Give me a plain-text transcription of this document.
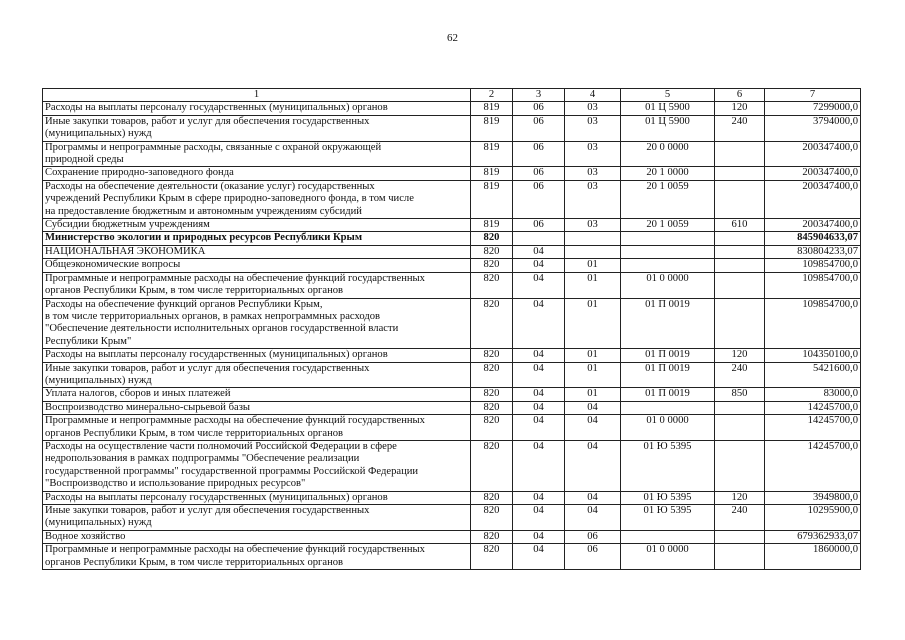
62
1	2	3	4	5	6	7

Расходы на выплаты персоналу государственных (муниципальных) органов	819	06	03	01 Ц 5900	120	7299000,0

Иные закупки товаров, работ и услуг для обеспечения государственных
(муниципальных) нужд	819	06	03	01 Ц 5900	240	3794000,0

Программы и непрограммные расходы, связанные с охраной окружающей
природной среды	819	06	03	20 0 0000		200347400,0

Сохранение природно-заповедного фонда	819	06	03	20 1 0000		200347400,0

Расходы на обеспечение деятельности (оказание услуг) государственных
учреждений Республики Крым в сфере природно-заповедного фонда, в том числе
на предоставление бюджетным и автономным учреждениям субсидий	819	06	03	20 1 0059		200347400,0

Субсидии бюджетным учреждениям	819	06	03	20 1 0059	610	200347400,0

Министерство экологии и природных ресурсов Республики Крым	820					845904633,07

НАЦИОНАЛЬНАЯ ЭКОНОМИКА	820	04				830804233,07

Общеэкономические вопросы	820	04	01			109854700,0

Программные и непрограммные расходы на обеспечение функций государственных
органов Республики Крым, в том числе территориальных органов	820	04	01	01 0 0000		109854700,0

Расходы на обеспечение функций органов Республики Крым,
в том числе территориальных органов, в рамках непрограммных расходов
"Обеспечение деятельности исполнительных органов государственной власти
Республики Крым"	820	04	01	01 П 0019		109854700,0

Расходы на выплаты персоналу государственных (муниципальных) органов	820	04	01	01 П 0019	120	104350100,0

Иные закупки товаров, работ и услуг для обеспечения государственных
(муниципальных) нужд	820	04	01	01 П 0019	240	5421600,0

Уплата налогов, сборов и иных платежей	820	04	01	01 П 0019	850	83000,0

Воспроизводство минерально-сырьевой базы	820	04	04			14245700,0

Программные и непрограммные расходы на обеспечение функций государственных
органов Республики Крым, в том числе территориальных органов	820	04	04	01 0 0000		14245700,0

Расходы на осуществление части полномочий Российской Федерации в сфере
недропользования в рамках подпрограммы "Обеспечение реализации
государственной программы" государственной программы Российской Федерации
"Воспроизводство и использование природных ресурсов"	820	04	04	01 Ю 5395		14245700,0

Расходы на выплаты персоналу государственных (муниципальных) органов	820	04	04	01 Ю 5395	120	3949800,0

Иные закупки товаров, работ и услуг для обеспечения государственных
(муниципальных) нужд	820	04	04	01 Ю 5395	240	10295900,0

Водное хозяйство	820	04	06			679362933,07

Программные и непрограммные расходы на обеспечение функций государственных
органов Республики Крым, в том числе территориальных органов	820	04	06	01 0 0000		1860000,0
